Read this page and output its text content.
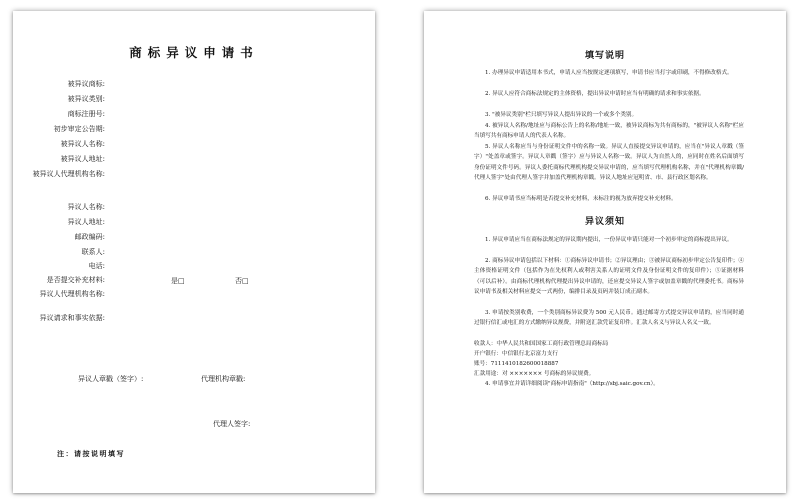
商标异议申请书
被异议商标:
被异议类别:
商标注册号:
初步审定公告期:
被异议人名称:
被异议人地址:
被异议人代理机构名称:
异议人名称:
异议人地址:
邮政编码:
联系人:
电话:
是否提交补充材料:
异议人代理机构名称:
异议请求和事实依据:
是□	否□
异议人章戳（签字）:	代理机构章戳:
代理人签字:
注：请按说明填写
填写说明
1. 办理异议申请适用本书式，申请人应当按规定逐项填写，申请书应当打字或印刷，不得修改格式。
2. 异议人应符合商标法规定的主体资格，提出异议申请时应当有明确的请求和事实依据。
3. "被异议类别"栏只填写异议人提出异议的一个或多个类别。
4. 被异议人名称/地址应与商标公告上的名称/地址一致，被异议商标为共有商标的，"被异议人名称"栏应当填写共有商标申请人的代表人名称。
5. 异议人名称应当与身份证明文件中的名称一致。异议人直接提交异议申请的，应当在"异议人章戳（签字）"处盖章或签字。异议人章戳（签字）应与异议人名称一致。异议人为自然人的，应同时在姓名后面填写身份证明文件号码。异议人委托商标代理机构提交异议申请的，应当填写代理机构名称，并在"代理机构章戳/代理人签字"处由代理人签字并加盖代理机构章戳。异议人地址应冠明省、市、县行政区划名称。
6. 异议申请书应当标明是否提交补充材料，未标注的视为放弃提交补充材料。
异议须知
1. 异议申请应当在商标法规定的异议期内提出，一份异议申请只能对一个初步审定的商标提出异议。
2. 商标异议申请包括以下材料：①商标异议申请书；②异议理由；③被异议商标初步审定公告复印件；④主体资格证明文件（包括作为在先权利人或利害关系人的证明文件及身份证明文件的复印件）；⑤证据材料（可以后补）。由商标代理机构代理提出异议申请的，还应提交异议人签字或加盖章戳的代理委托书。商标异议申请书及相关材料应提交一式两份，编排目录及页码并装订成正副本。
3. 申请按类别收费，一个类别商标异议费为 500 元人民币。通过邮寄方式提交异议申请的，应当同时通过银行信汇或电汇的方式缴纳异议规费，并附送汇款凭证复印件。汇款人名义与异议人名义一致。
收款人：中华人民共和国国家工商行政管理总局商标局
开户银行：中信银行北京富力支行
账号：7111410182600018887
汇款用途：对 ××××××× 号商标的异议规费。
4. 申请事宜并请详细阅读"商标申请指南"（http://sbj.saic.gov.cn）。
